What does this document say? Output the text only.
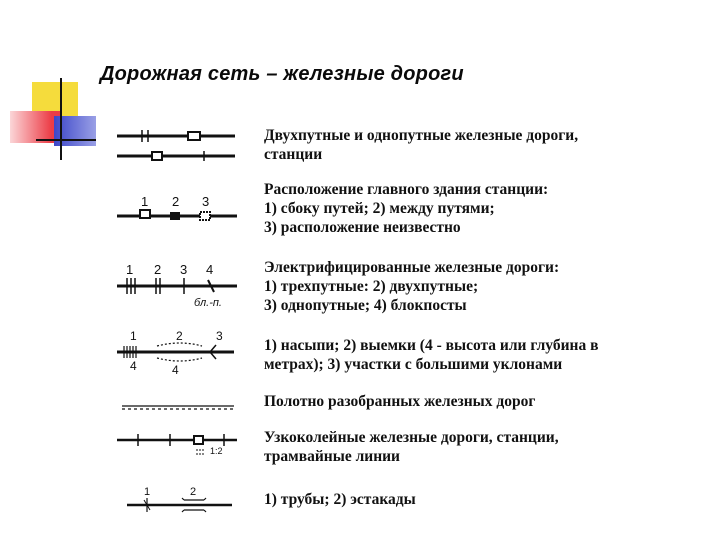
Дорожная сеть – железные дороги
Двухпутные и однопутные железные дороги,
станции
1 2 3
Расположение главного здания станции:
1) сбоку путей; 2) между путями;
3) расположение неизвестно
1 2 3 4
бл.-п.
Электрифицированные железные дороги:
1) трехпутные: 2) двухпутные;
3) однопутные; 4) блокпосты
1	2	3
4	4
1) насыпи; 2) выемки (4 - высота или глубина в
метрах); 3) участки с большими уклонами
Полотно разобранных железных дорог
1:2
Узкоколейные железные дороги, станции,
трамвайные линии
1	2	1) трубы; 2) эстакады
